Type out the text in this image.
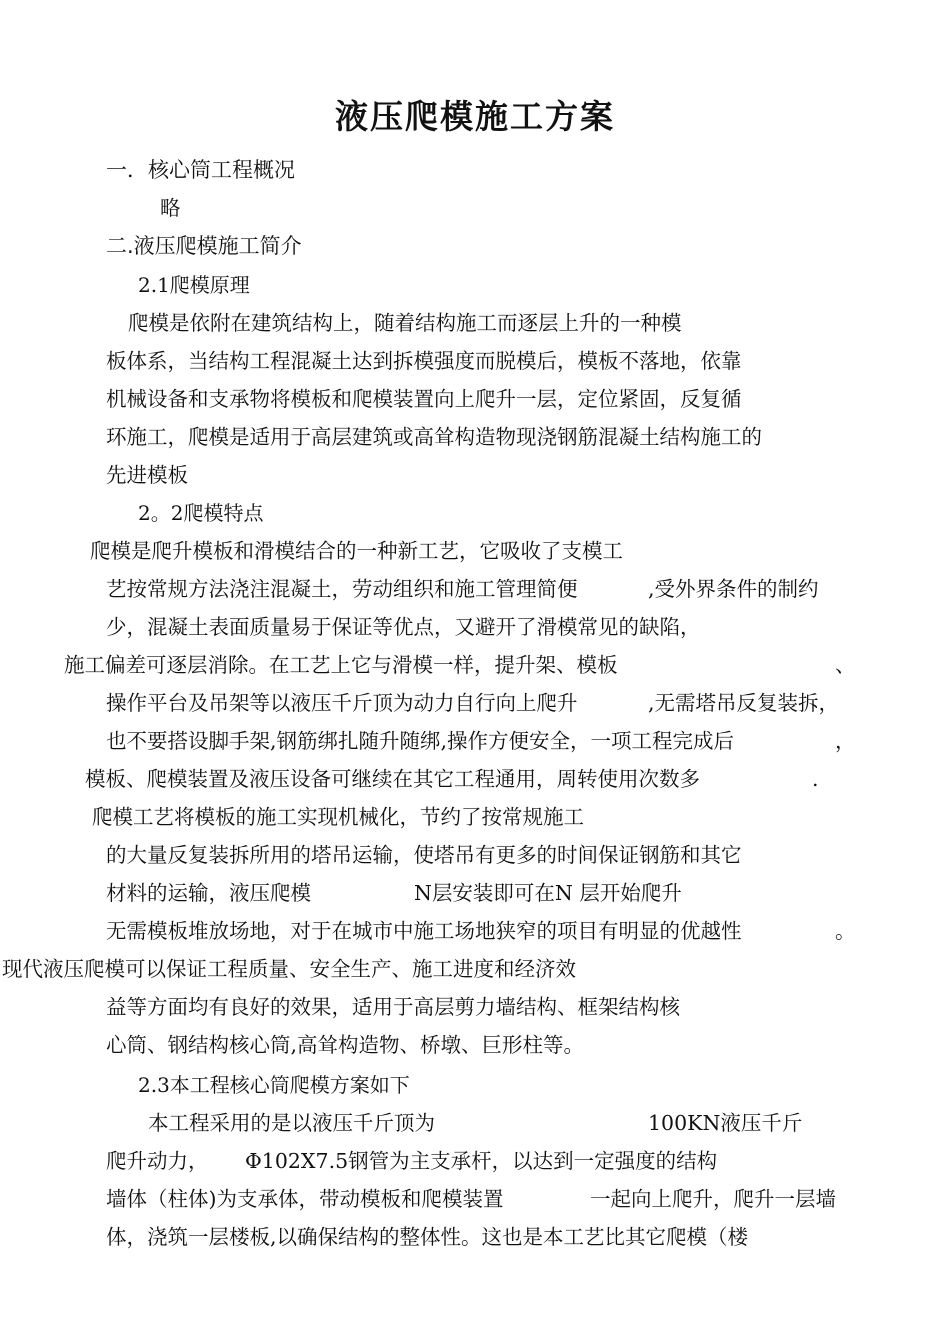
液压爬模施工方案
一．核心筒工程概况
略
二.液压爬模施工简介
2.1爬模原理
2。2爬模特点
2.3本工程核心筒爬模方案如下
爬模是依附在建筑结构上，随着结构施工而逐层上升的一种模
板体系，当结构工程混凝土达到拆模强度而脱模后，模板不落地，依靠
机械设备和支承物将模板和爬模装置向上爬升一层，定位紧固，反复循
环施工，爬模是适用于高层建筑或高耸构造物现浇钢筋混凝土结构施工的
先进模板
爬模是爬升模板和滑模结合的一种新工艺，它吸收了支模工
艺按常规方法浇注混凝土，劳动组织和施工管理简便	,受外界条件的制约
少，混凝土表面质量易于保证等优点，又避开了滑模常见的缺陷，
施工偏差可逐层消除。在工艺上它与滑模一样，提升架、模板	、
操作平台及吊架等以液压千斤顶为动力自行向上爬升	,无需塔吊反复装拆，
也不要搭设脚手架,钢筋绑扎随升随绑,操作方便安全，一项工程完成后	，
模板、爬模装置及液压设备可继续在其它工程通用，周转使用次数多	.
爬模工艺将模板的施工实现机械化，节约了按常规施工
的大量反复装拆所用的塔吊运输，使塔吊有更多的时间保证钢筋和其它
材料的运输，液压爬模	N层安装即可在N 层开始爬升
无需模板堆放场地，对于在城市中施工场地狭窄的项目有明显的优越性	。
现代液压爬模可以保证工程质量、安全生产、施工进度和经济效
益等方面均有良好的效果，适用于高层剪力墙结构、框架结构核
心筒、钢结构核心筒,高耸构造物、桥墩、巨形柱等。
本工程采用的是以液压千斤顶为	100KN液压千斤
爬升动力， Φ102X7.5钢管为主支承杆，以达到一定强度的结构
墙体（柱体)为支承体，带动模板和爬模装置	一起向上爬升，爬升一层墙
体，浇筑一层楼板,以确保结构的整体性。这也是本工艺比其它爬模（楼
